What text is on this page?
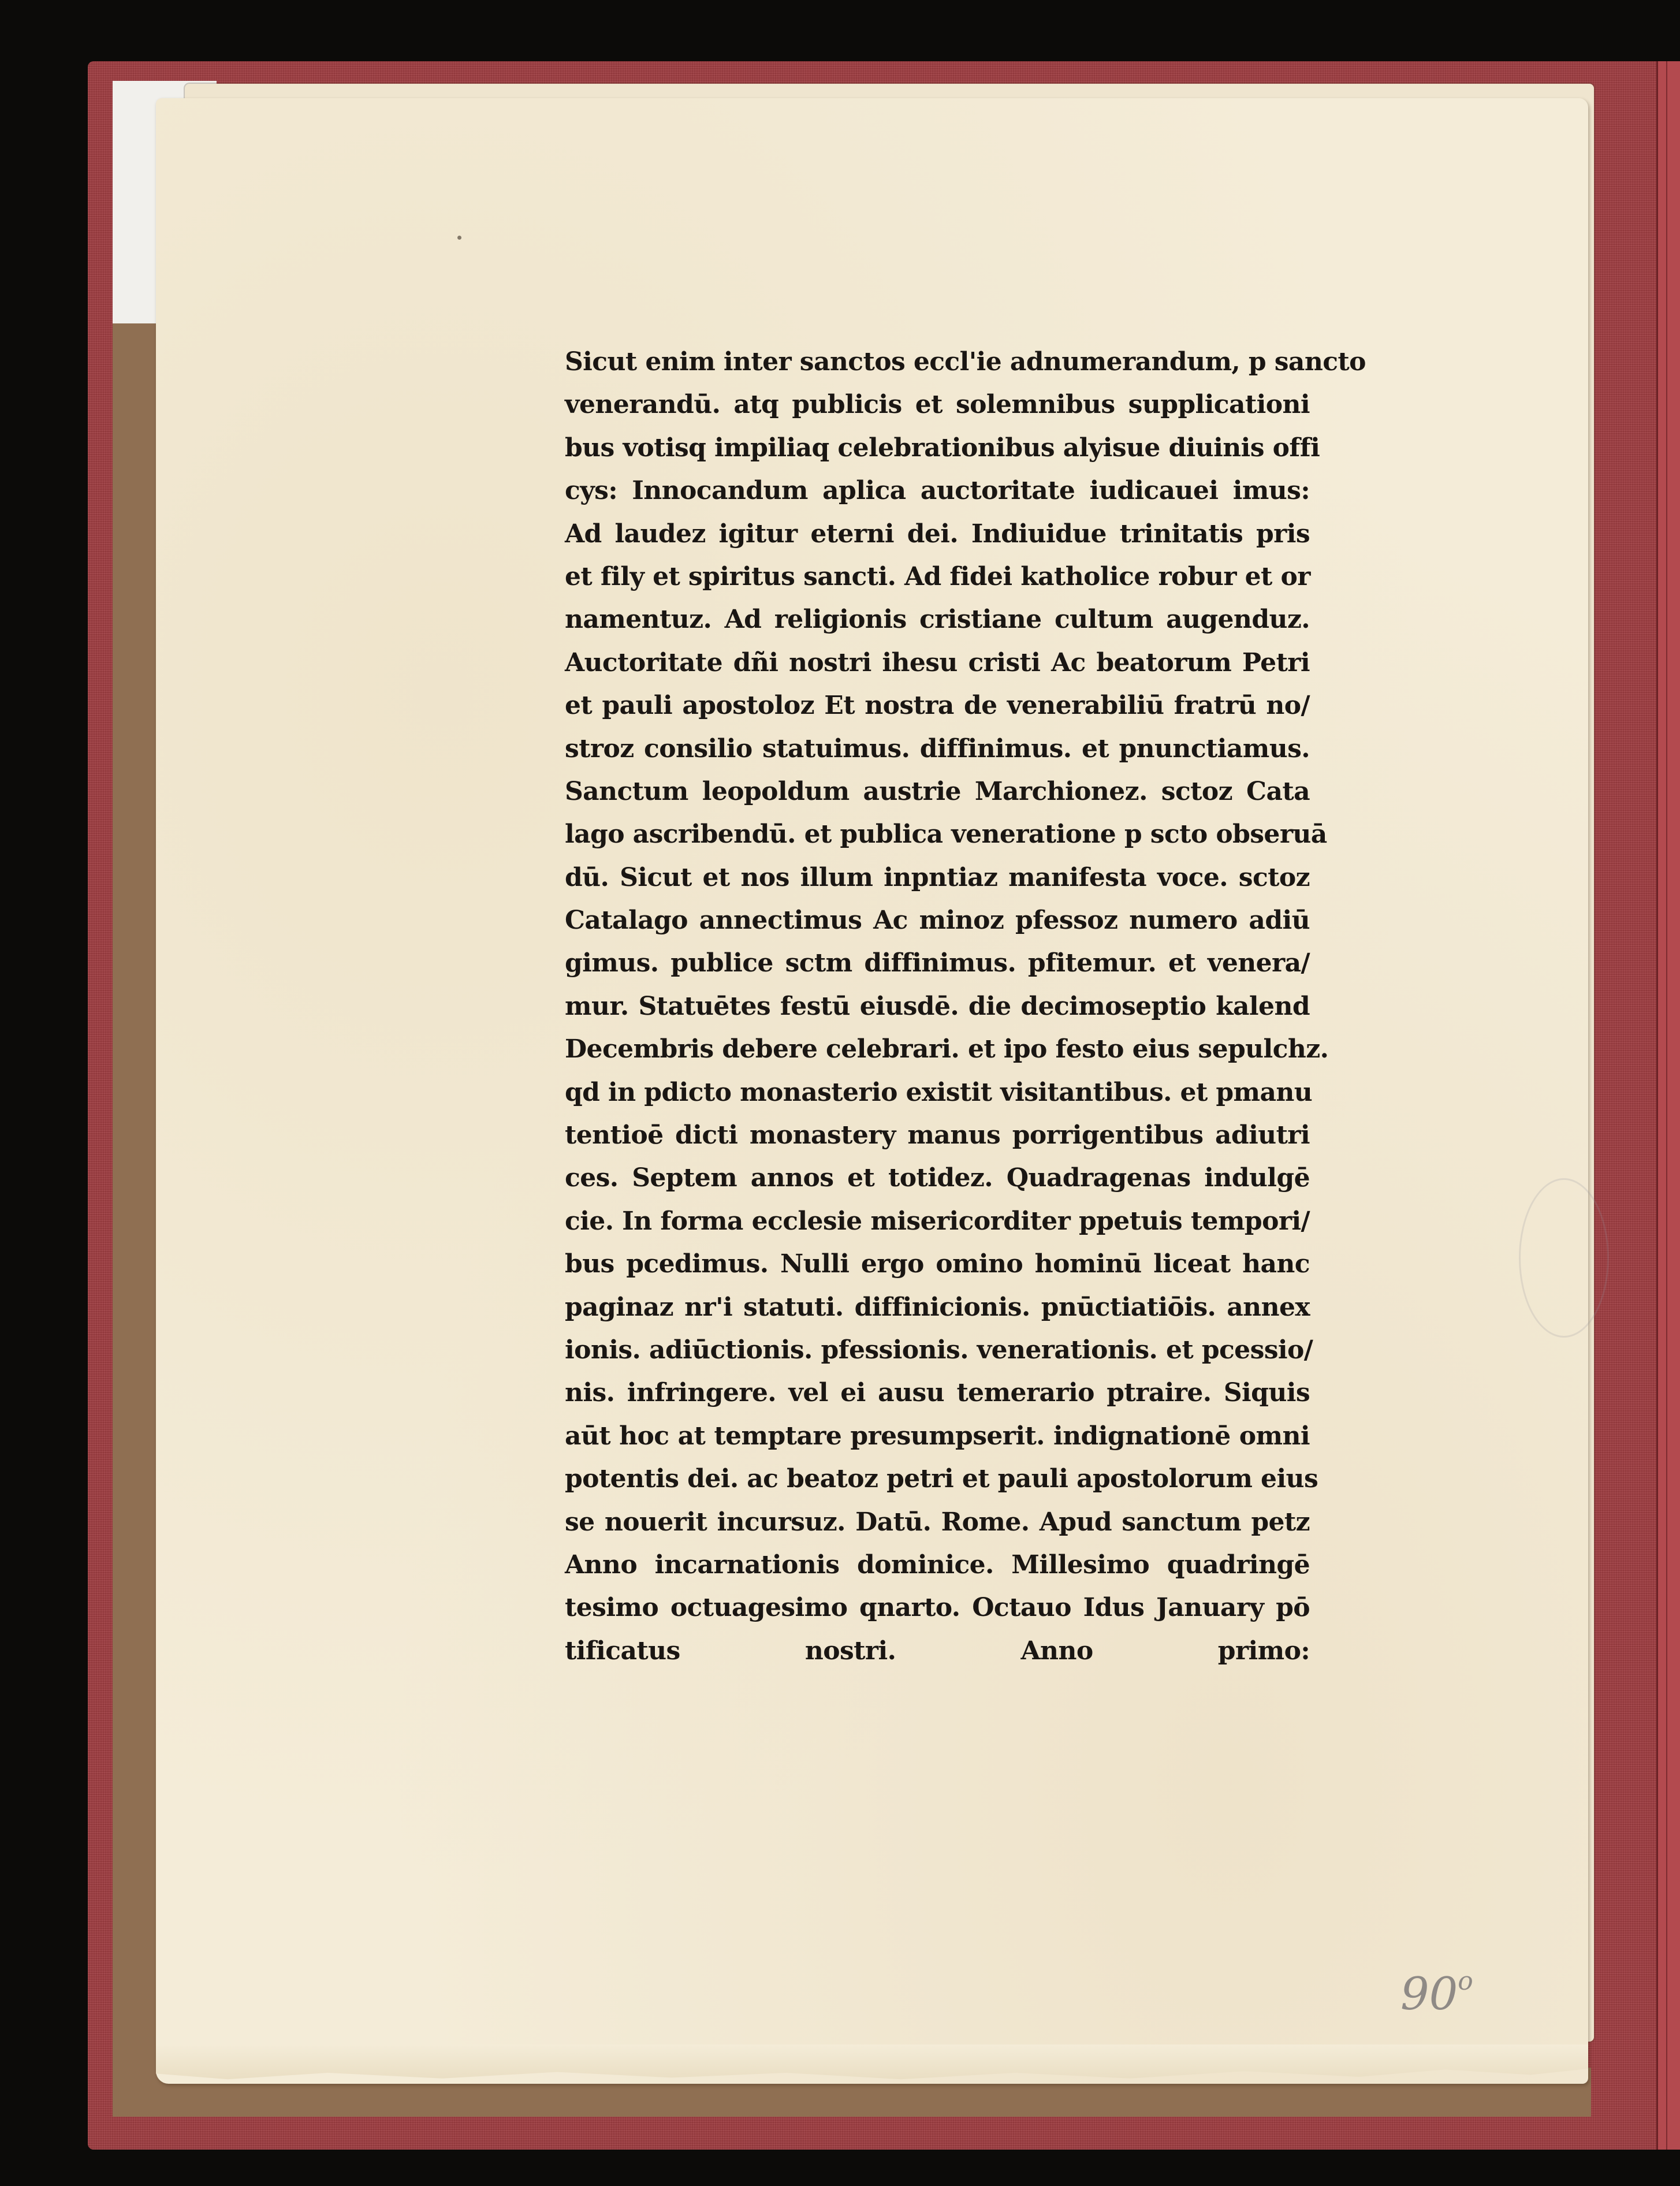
Sicut enim inter sanctos eccl'ie adnumerandum, p sancto
venerandū. atq publicis et solemnibus supplicationi
bus votisq impiliaq celebrationibus alyisue diuinis offi
cys: Innocandum aplica auctoritate iudicauei imus:
Ad laudez igitur eterni dei. Indiuidue trinitatis pris
et fily et spiritus sancti. Ad fidei katholice robur et or
namentuz. Ad religionis cristiane cultum augenduz.
Auctoritate dñi nostri ihesu cristi Ac beatorum Petri
et pauli apostoloz Et nostra de venerabiliū fratrū no/
stroz consilio statuimus. diffinimus. et pnunctiamus.
Sanctum leopoldum austrie Marchionez. sctoz Cata
lago ascribendū. et publica veneratione p scto obseruā
dū. Sicut et nos illum inpntiaz manifesta voce. sctoz
Catalago annectimus Ac minoz pfessoz numero adiū
gimus. publice sctm diffinimus. pfitemur. et venera/
mur. Statuētes festū eiusdē. die decimoseptio kalend
Decembris debere celebrari. et ipo festo eius sepulchz.
qd in pdicto monasterio existit visitantibus. et pmanu
tentioē dicti monastery manus porrigentibus adiutri
ces. Septem annos et totidez. Quadragenas indulgē
cie. In forma ecclesie misericorditer ppetuis tempori/
bus pcedimus. Nulli ergo omino hominū liceat hanc
paginaz nr'i statuti. diffinicionis. pnūctiatiōis. annex
ionis. adiūctionis. pfessionis. venerationis. et pcessio/
nis. infringere. vel ei ausu temerario ptraire. Siquis
aūt hoc at temptare presumpserit. indignationē omni
potentis dei. ac beatoz petri et pauli apostolorum eius
se nouerit incursuz. Datū. Rome. Apud sanctum petz
Anno incarnationis dominice. Millesimo quadringē
tesimo octuagesimo qnarto. Octauo Idus January pō
tificatus nostri. Anno primo:
90$^o$
